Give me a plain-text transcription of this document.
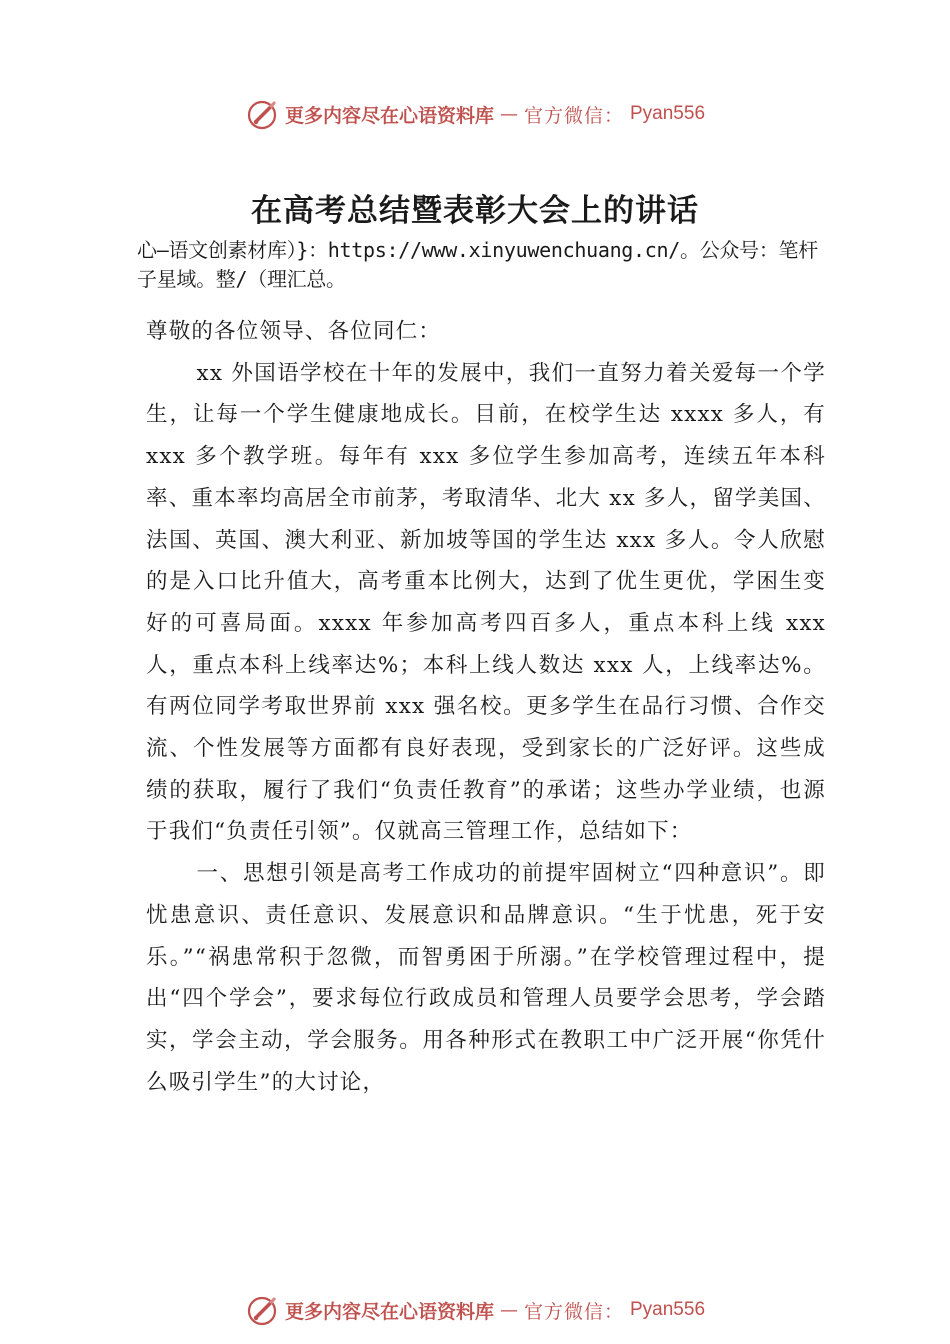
更多内容尽在心语资料库 — 官方微信： Pyan556
在高考总结暨表彰大会上的讲话

心—语文创素材库）}：https://www.xinyuwenchuang.cn/。公众号：笔杆子星域。整/（理汇总。

尊敬的各位领导、各位同仁：

xx 外国语学校在十年的发展中，我们一直努力着关爱每一个学生，让每一个学生健康地成长。目前，在校学生达 xxxx 多人，有 xxx 多个教学班。每年有 xxx 多位学生参加高考，连续五年本科率、重本率均高居全市前茅，考取清华、北大 xx 多人，留学美国、法国、英国、澳大利亚、新加坡等国的学生达 xxx 多人。令人欣慰的是入口比升值大，高考重本比例大，达到了优生更优，学困生变好的可喜局面。xxxx 年参加高考四百多人，重点本科上线 xxx 人，重点本科上线率达%；本科上线人数达 xxx 人，上线率达%。有两位同学考取世界前 xxx 强名校。更多学生在品行习惯、合作交流、个性发展等方面都有良好表现，受到家长的广泛好评。这些成绩的获取，履行了我们“负责任教育”的承诺；这些办学业绩，也源于我们“负责任引领”。仅就高三管理工作，总结如下：

一、思想引领是高考工作成功的前提牢固树立“四种意识”。即忧患意识、责任意识、发展意识和品牌意识。“生于忧患，死于安乐。”“祸患常积于忽微，而智勇困于所溺。”在学校管理过程中，提出“四个学会”，要求每位行政成员和管理人员要学会思考，学会踏实，学会主动，学会服务。用各种形式在教职工中广泛开展“你凭什么吸引学生”的大讨论，

更多内容尽在心语资料库 — 官方微信： Pyan556
